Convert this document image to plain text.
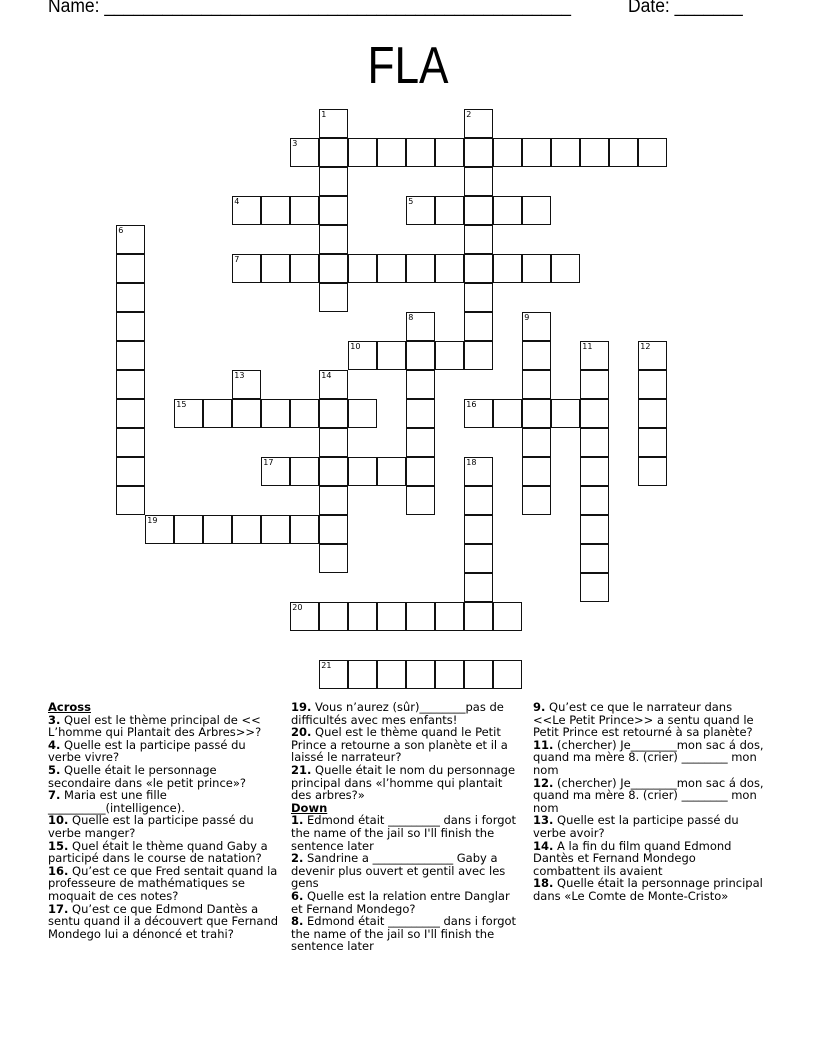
Name: ________________________________________________	Date: _______
FLA
1	2
3
4	5
6
7
8	9
10	11	12
13	14
15	16
17	18
19
20
21
Across
3. Quel est le thème principal de << L’homme qui Plantait des Arbres>>?
4. Quelle est la participe passé du verbe vivre?
5. Quelle était le personnage secondaire dans «le petit prince»?
7. Maria est une fille __________(intelligence).
10. Quelle est la participe passé du verbe manger?
15. Quel était le thème quand Gaby a participé dans le course de natation?
16. Qu’est ce que Fred sentait quand la professeure de mathématiques se moquait de ces notes?
17. Qu’est ce que Edmond Dantès a sentu quand il a découvert que Fernand Mondego lui a dénoncé et trahi?
19. Vous n’aurez (sûr)________pas de difficultés avec mes enfants!
20. Quel est le thème quand le Petit Prince a retourne a son planète et il a laissé le narrateur?
21. Quelle était le nom du personnage principal dans «l’homme qui plantait des arbres?»
Down
1. Edmond était _________ dans i forgot the name of the jail so I'll finish the sentence later
2. Sandrine a ______________ Gaby a devenir plus ouvert et gentil avec les gens
6. Quelle est la relation entre Danglar et Fernand Mondego?
8. Edmond était _________ dans i forgot the name of the jail so I'll finish the sentence later
9. Qu’est ce que le narrateur dans <<Le Petit Prince>> a sentu quand le Petit Prince est retourné à sa planète?
11. (chercher) Je________mon sac á dos, quand ma mère 8. (crier) ________ mon nom
12. (chercher) Je________mon sac á dos, quand ma mère 8. (crier) ________ mon nom
13. Quelle est la participe passé du verbe avoir?
14. A la fin du film quand Edmond Dantès et Fernand Mondego combattent ils avaient
18. Quelle était la personnage principal dans «Le Comte de Monte-Cristo»
